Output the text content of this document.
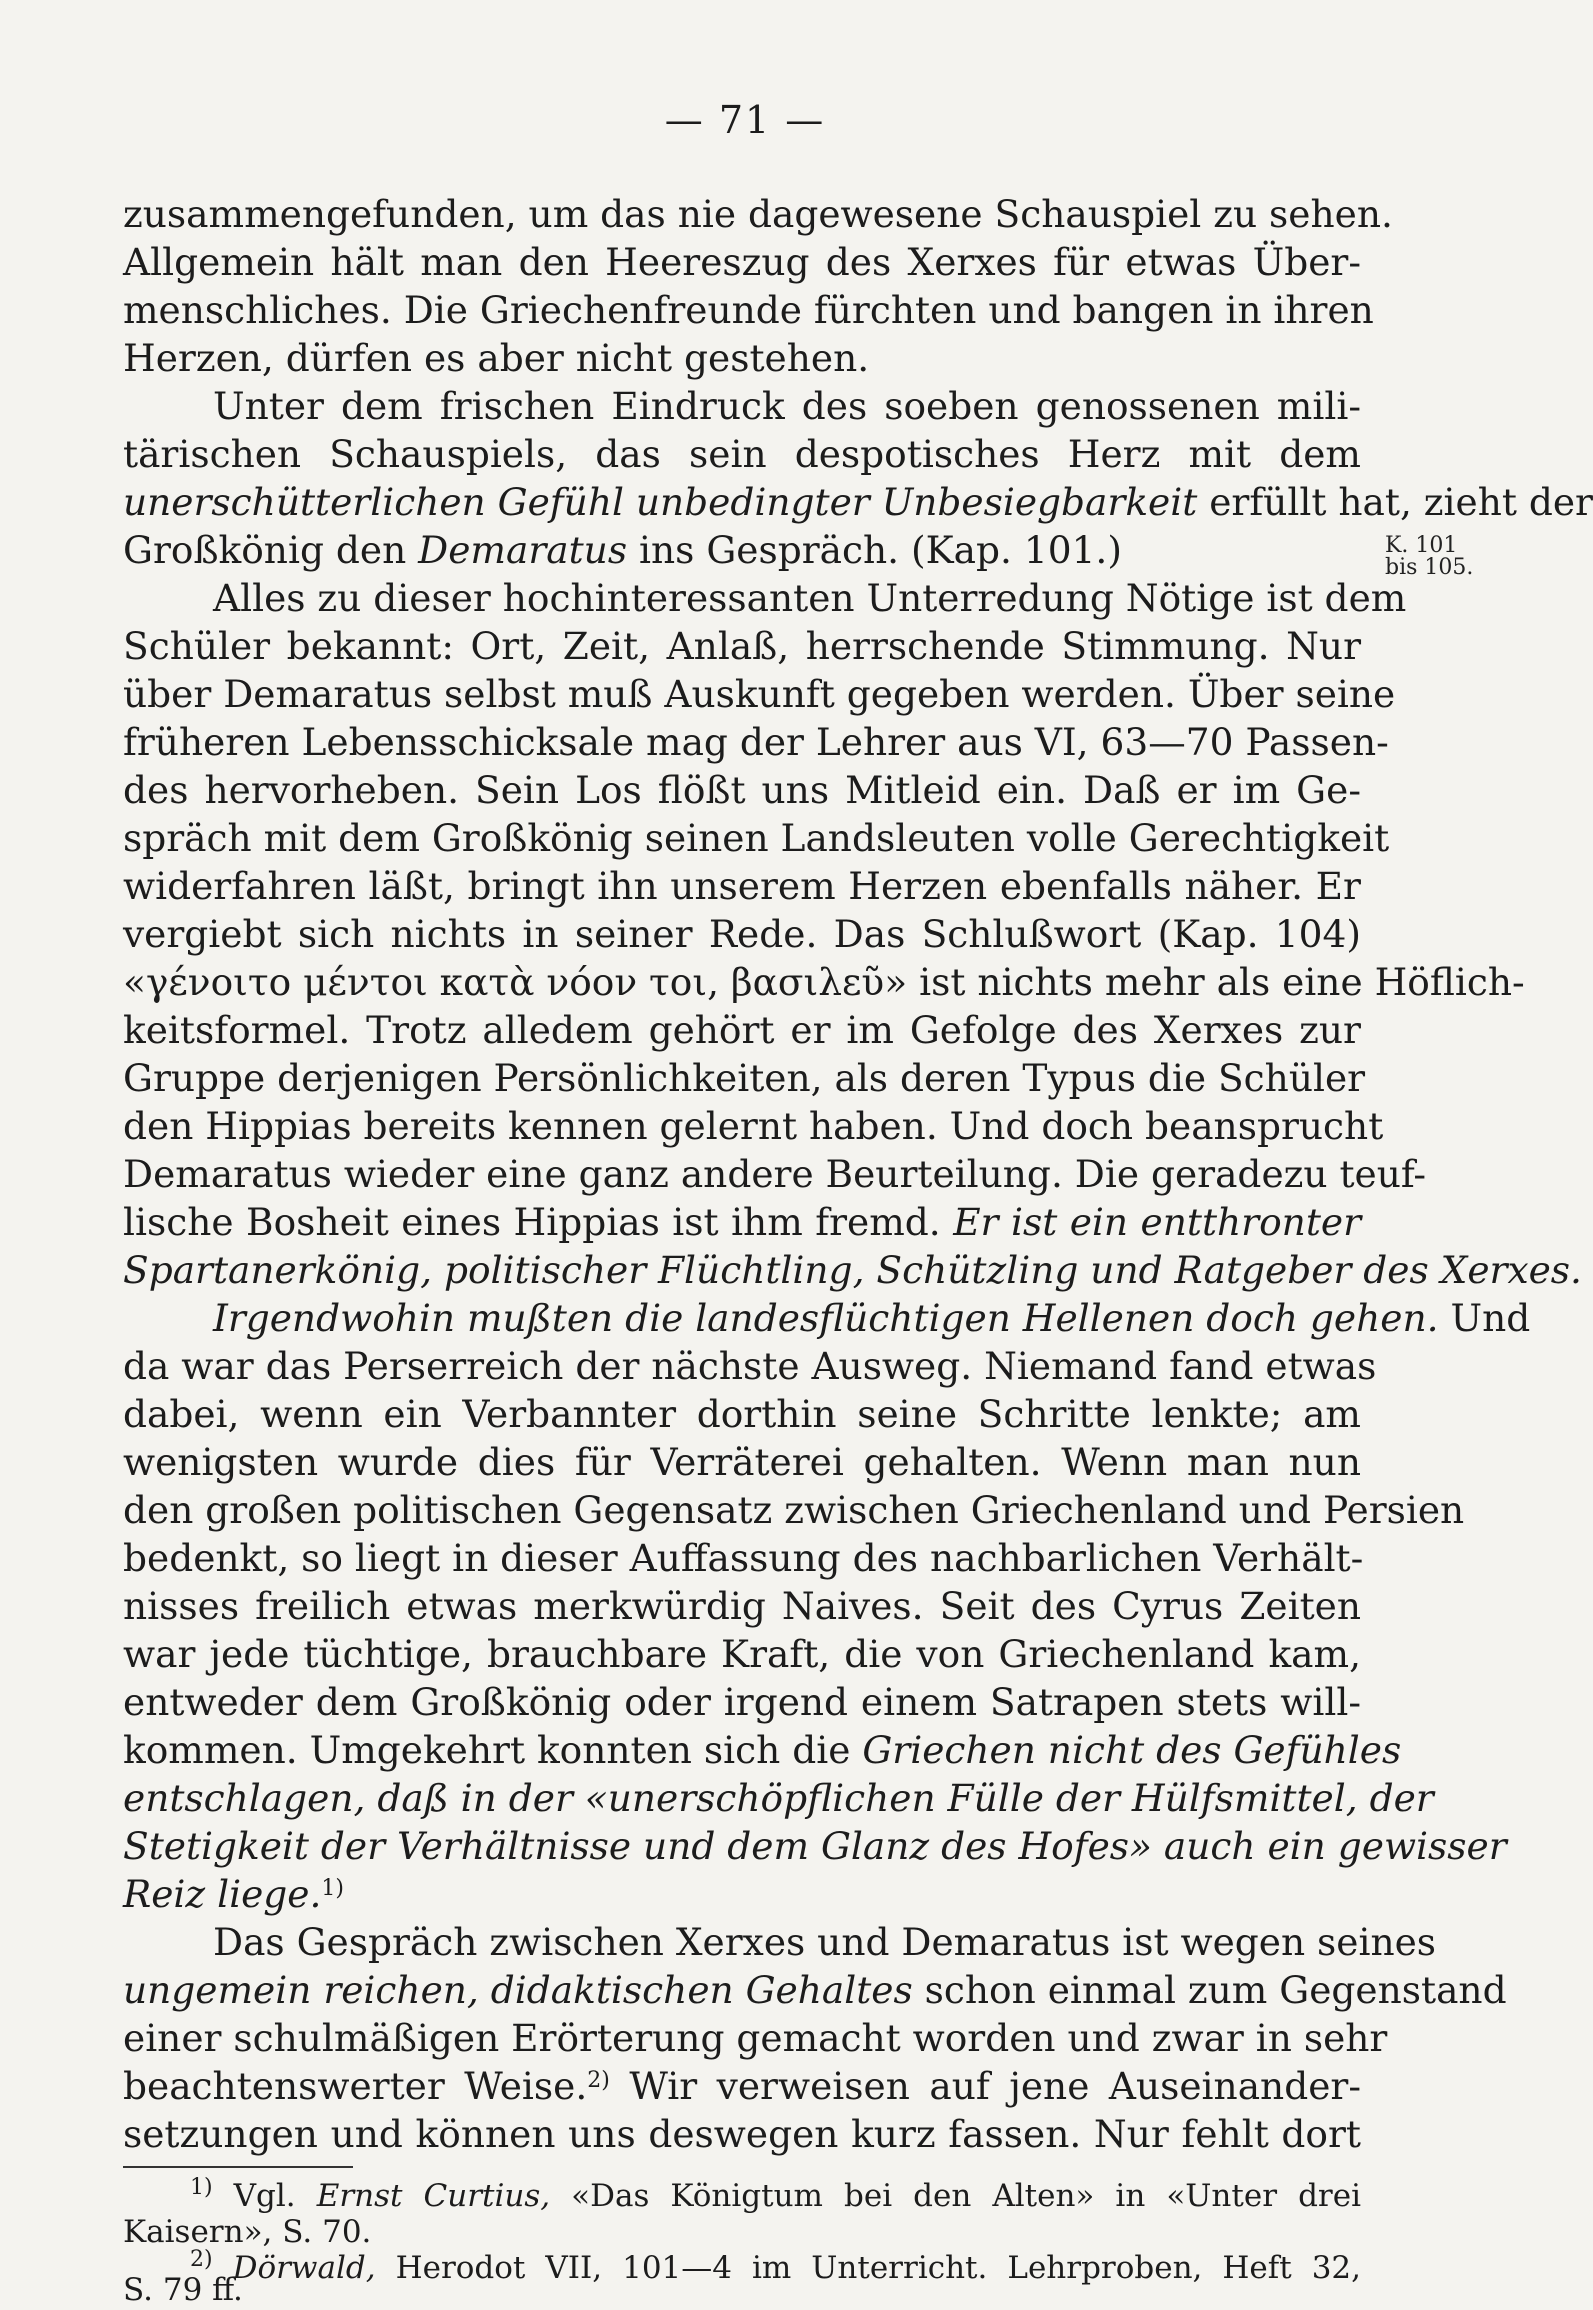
— 71 —
K. 101
bis 105.
zusammengefunden, um das nie dagewesene Schauspiel zu sehen.
Allgemein hält man den Heereszug des Xerxes für etwas Über-
menschliches. Die Griechenfreunde fürchten und bangen in ihren
Herzen, dürfen es aber nicht gestehen.
Unter dem frischen Eindruck des soeben genossenen mili-
tärischen Schauspiels, das sein despotisches Herz mit dem
unerschütterlichen Gefühl unbedingter Unbesiegbarkeit erfüllt hat, zieht der
Großkönig den Demaratus ins Gespräch. (Kap. 101.)
Alles zu dieser hochinteressanten Unterredung Nötige ist dem
Schüler bekannt: Ort, Zeit, Anlaß, herrschende Stimmung. Nur
über Demaratus selbst muß Auskunft gegeben werden. Über seine
früheren Lebensschicksale mag der Lehrer aus VI, 63—70 Passen-
des hervorheben. Sein Los flößt uns Mitleid ein. Daß er im Ge-
spräch mit dem Großkönig seinen Landsleuten volle Gerechtigkeit
widerfahren läßt, bringt ihn unserem Herzen ebenfalls näher. Er
vergiebt sich nichts in seiner Rede. Das Schlußwort (Kap. 104)
«γένοιτο μέντοι κατὰ νόον τοι, βασιλεῦ» ist nichts mehr als eine Höflich-
keitsformel. Trotz alledem gehört er im Gefolge des Xerxes zur
Gruppe derjenigen Persönlichkeiten, als deren Typus die Schüler
den Hippias bereits kennen gelernt haben. Und doch beansprucht
Demaratus wieder eine ganz andere Beurteilung. Die geradezu teuf-
lische Bosheit eines Hippias ist ihm fremd. Er ist ein entthronter
Spartanerkönig, politischer Flüchtling, Schützling und Ratgeber des Xerxes.
Irgendwohin mußten die landesflüchtigen Hellenen doch gehen. Und
da war das Perserreich der nächste Ausweg. Niemand fand etwas
dabei, wenn ein Verbannter dorthin seine Schritte lenkte; am
wenigsten wurde dies für Verräterei gehalten. Wenn man nun
den großen politischen Gegensatz zwischen Griechenland und Persien
bedenkt, so liegt in dieser Auffassung des nachbarlichen Verhält-
nisses freilich etwas merkwürdig Naives. Seit des Cyrus Zeiten
war jede tüchtige, brauchbare Kraft, die von Griechenland kam,
entweder dem Großkönig oder irgend einem Satrapen stets will-
kommen. Umgekehrt konnten sich die Griechen nicht des Gefühles
entschlagen, daß in der «unerschöpflichen Fülle der Hülfsmittel, der
Stetigkeit der Verhältnisse und dem Glanz des Hofes» auch ein gewisser
Reiz liege.$^{1)}$
Das Gespräch zwischen Xerxes und Demaratus ist wegen seines
ungemein reichen, didaktischen Gehaltes schon einmal zum Gegenstand
einer schulmäßigen Erörterung gemacht worden und zwar in sehr
beachtenswerter Weise.$^{2)}$ Wir verweisen auf jene Auseinander-
setzungen und können uns deswegen kurz fassen. Nur fehlt dort
$^{1)}$ Vgl. Ernst Curtius, «Das Königtum bei den Alten» in «Unter drei
Kaisern», S. 70.
$^{2)}$ Dörwald, Herodot VII, 101—4 im Unterricht. Lehrproben, Heft 32,
S. 79 ff.
